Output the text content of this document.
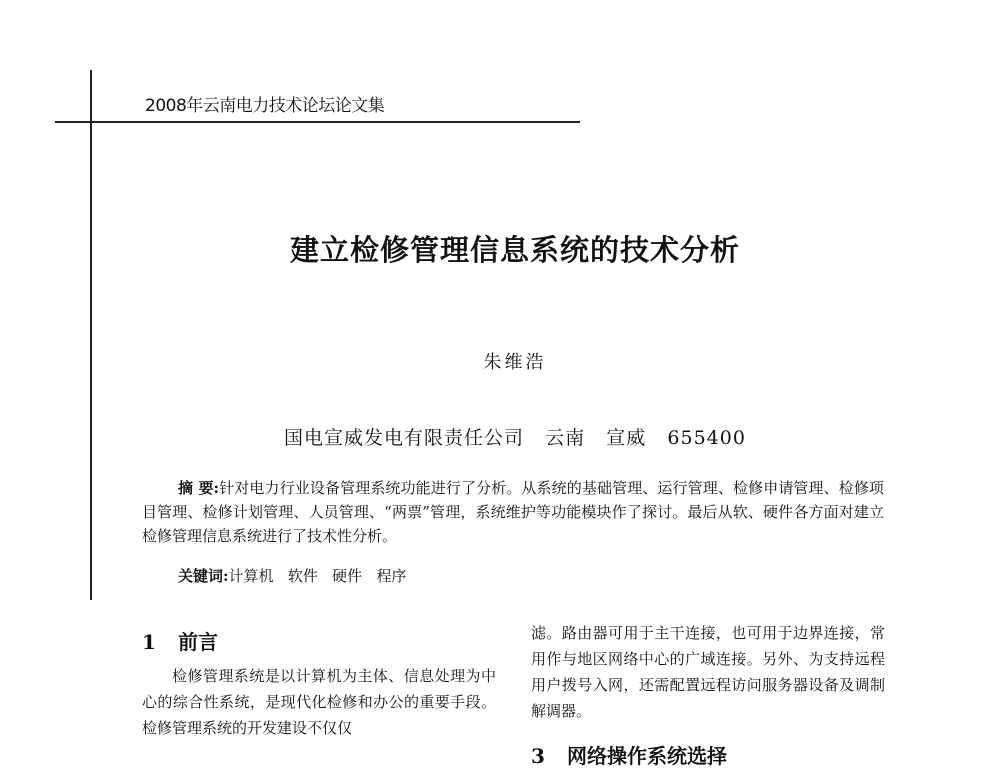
2008年云南电力技术论坛论文集
建立检修管理信息系统的技术分析
朱维浩
国电宣威发电有限责任公司   云南   宣威   655400
摘 要:针对电力行业设备管理系统功能进行了分析。从系统的基础管理、运行管理、检修申请管理、检修项目管理、检修计划管理、人员管理、“两票”管理，系统维护等功能模块作了探讨。最后从软、硬件各方面对建立检修管理信息系统进行了技术性分析。
关键词:计算机   软件   硬件   程序
1 前言

检修管理系统是以计算机为主体、信息处理为中心的综合性系统，是现代化检修和办公的重要手段。检修管理系统的开发建设不仅仅

滤。路由器可用于主干连接，也可用于边界连接，常用作与地区网络中心的广域连接。另外、为支持远程用户拨号入网，还需配置远程访问服务器设备及调制解调器。

3 网络操作系统选择
